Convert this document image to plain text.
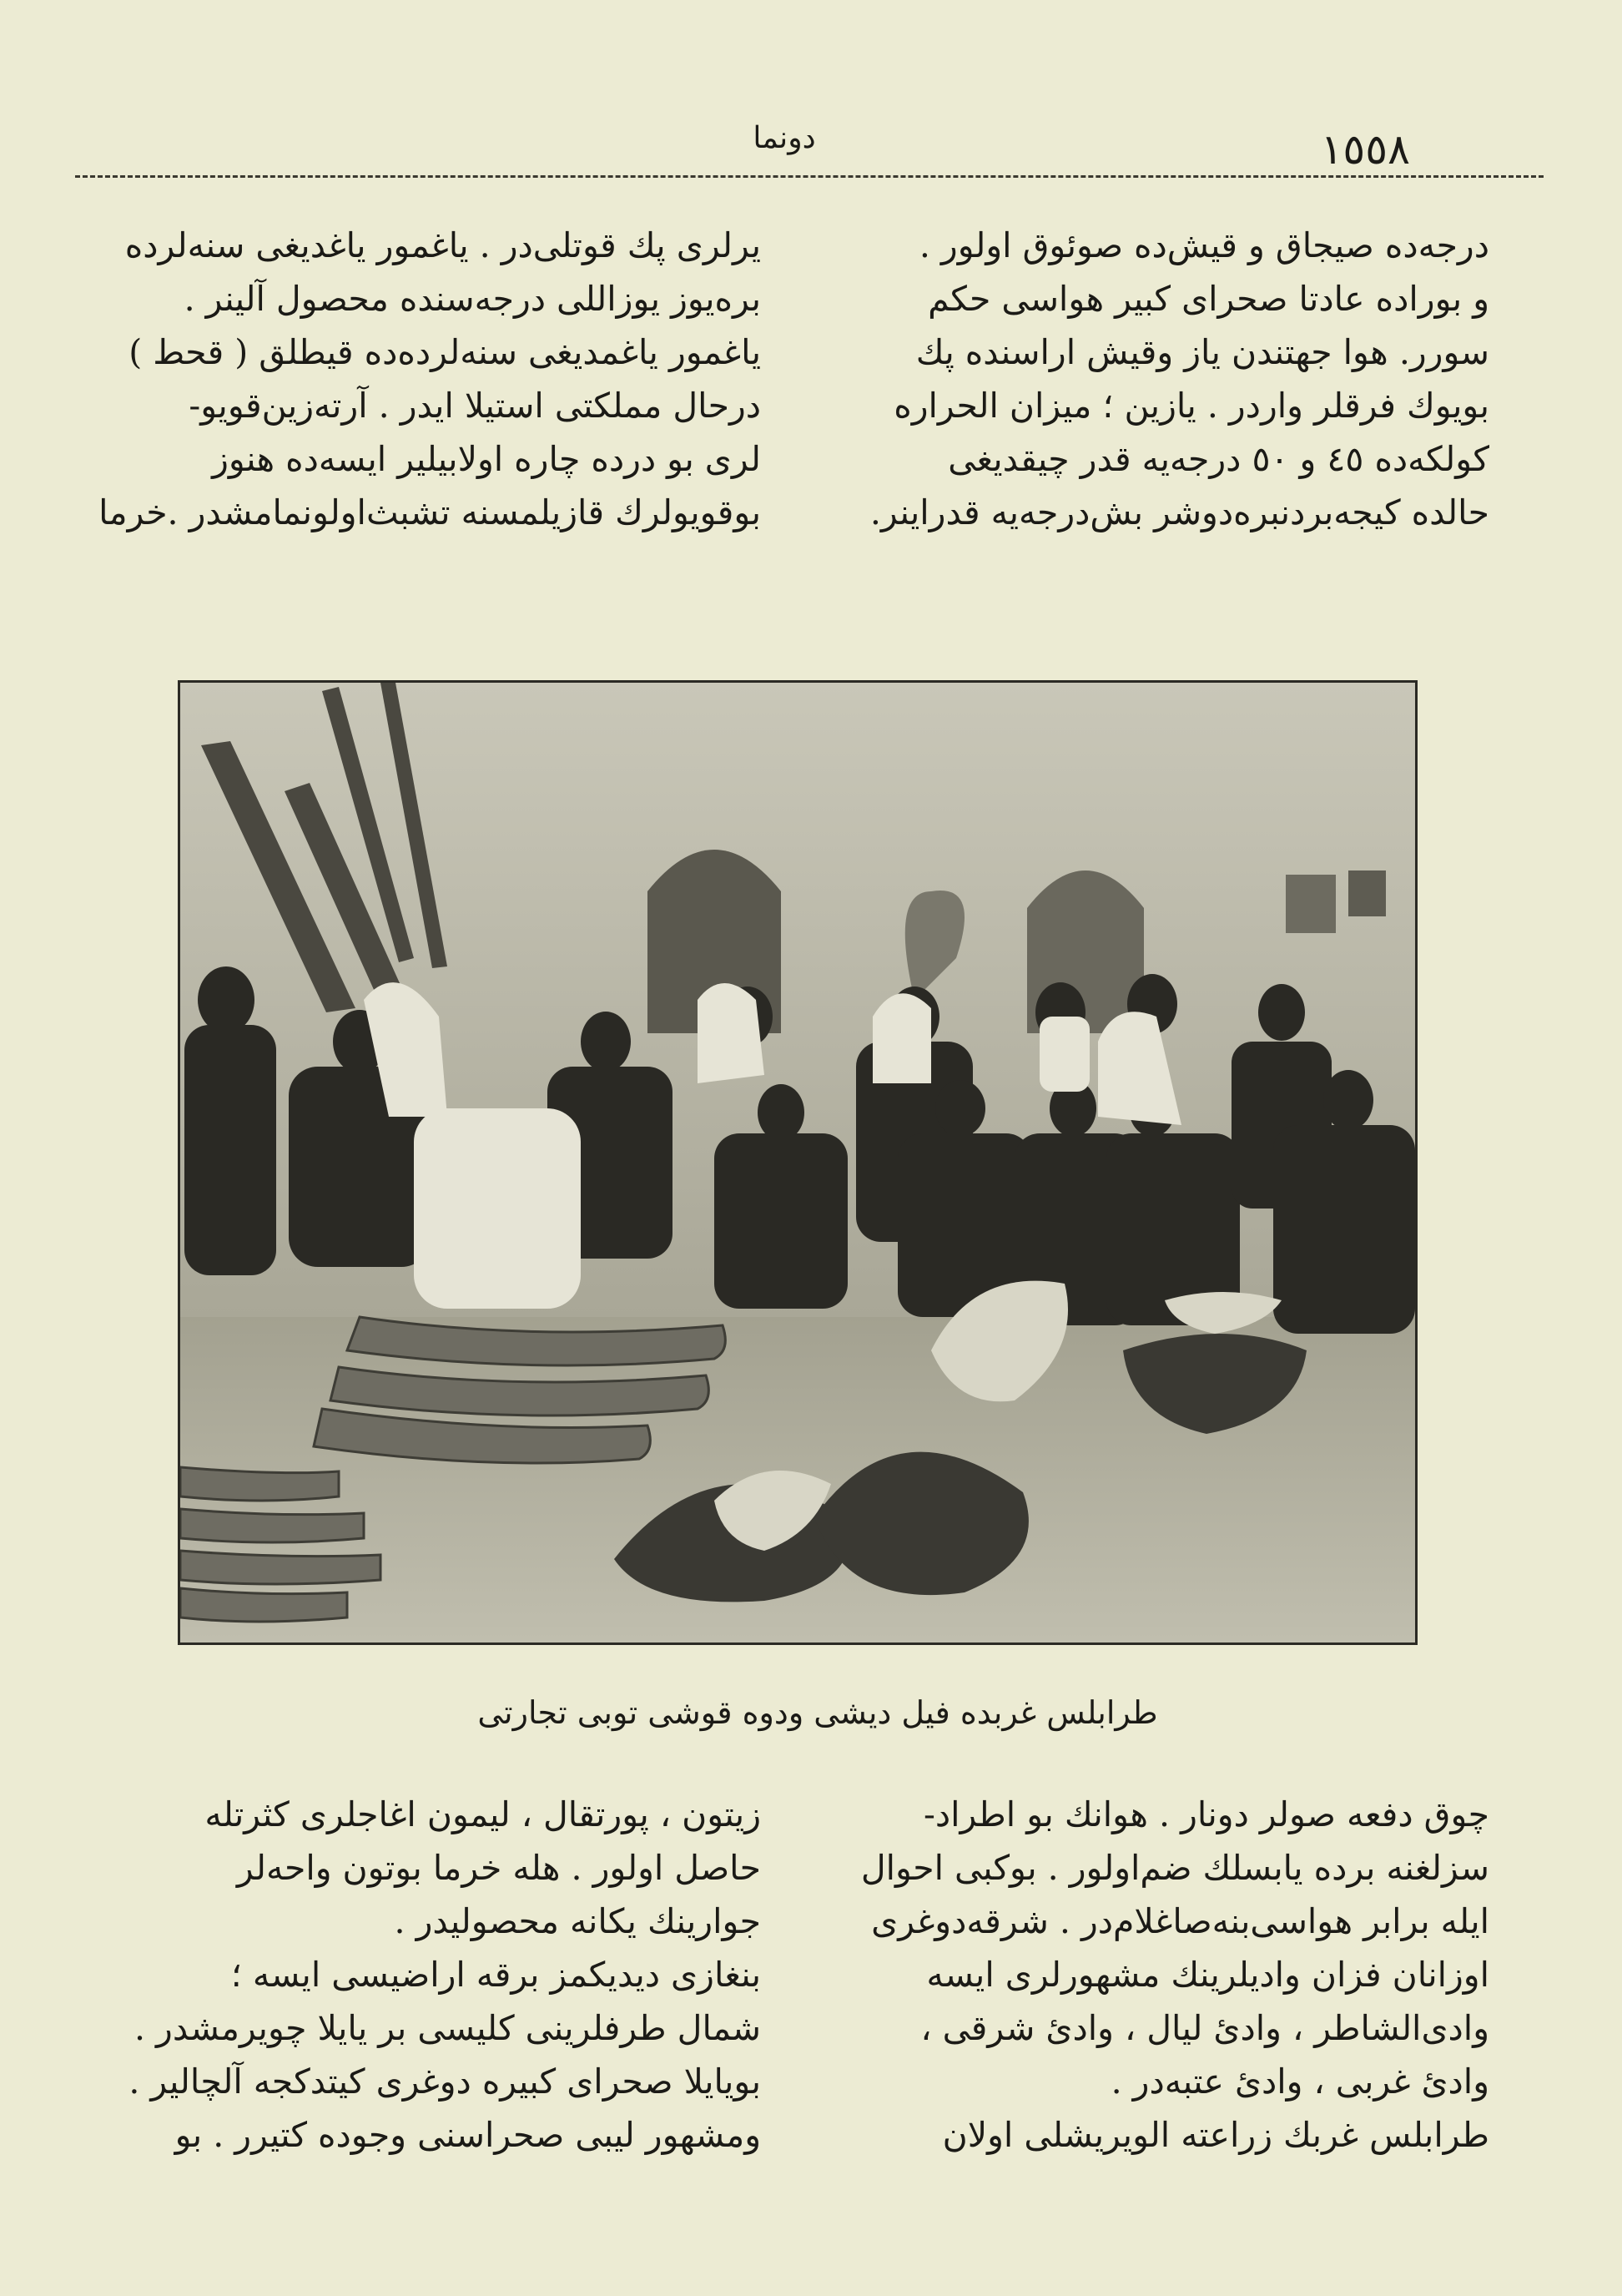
١٥٥٨
دونما
درجه‌ده صیجاق و قیش‌ده صوئوق اولور .
و بوراده عادتا صحرای کبیر هواسی حکم
سورر. هوا جهتندن یاز وقیش اراسنده پك
بویوك فرقلر واردر . یازین ؛ میزان الحراره
کولکه‌ده ٤٥ و ٥٠ درجه‌یه قدر چیقدیغی
حالده کیجه‌بردنبره‌دوشر بش‌درجه‌یه قدراینر.
یرلری پك قوتلی‌در . یاغمور یاغدیغی سنه‌لرده
بره‌یوز یوزاللی درجه‌سنده محصول آلینر .
یاغمور یاغمدیغی سنه‌لرده‌ده قیطلق ( قحط )
درحال مملکتی استیلا ایدر . آرته‌زین‌قویو-
لری بو دردە چاره اولابیلیر ایسه‌ده هنوز
بوقویولرك قازیلمسنه تشبث‌اولونمامشدر .خرما
طرابلس غربده فیل دیشی ودوه قوشی توبی تجارتی
چوق دفعه صولر دونار . هوانك بو اطراد-
سزلغنه برده یابسلك ضم‌اولور . بوکبی احوال
ایله برابر هواسی‌بنه‌صاغلام‌در . شرقه‌دوغری
اوزانان فزان وادیلرینك مشهورلری ایسه
وادی‌الشاطر ، وادیٔ لیال ، وادیٔ شرقی ،
وادیٔ غربی ، وادیٔ عتبه‌در .
طرابلس غربك زراعته الویریشلی اولان
زیتون ، پورتقال ، لیمون اغاجلری کثرتله
حاصل اولور . هله خرما بوتون واحه‌لر
جوارینك یکانه محصولیدر .
بنغازی دیدیکمز برقه اراضیسی ایسه ؛
شمال طرفلرینی کلیسی بر یایلا چویرمشدر .
بویایلا صحرای کبیره دوغری کیتدکجه آلچالیر .
ومشهور لیبی صحراسنی وجوده کتیرر . بو
